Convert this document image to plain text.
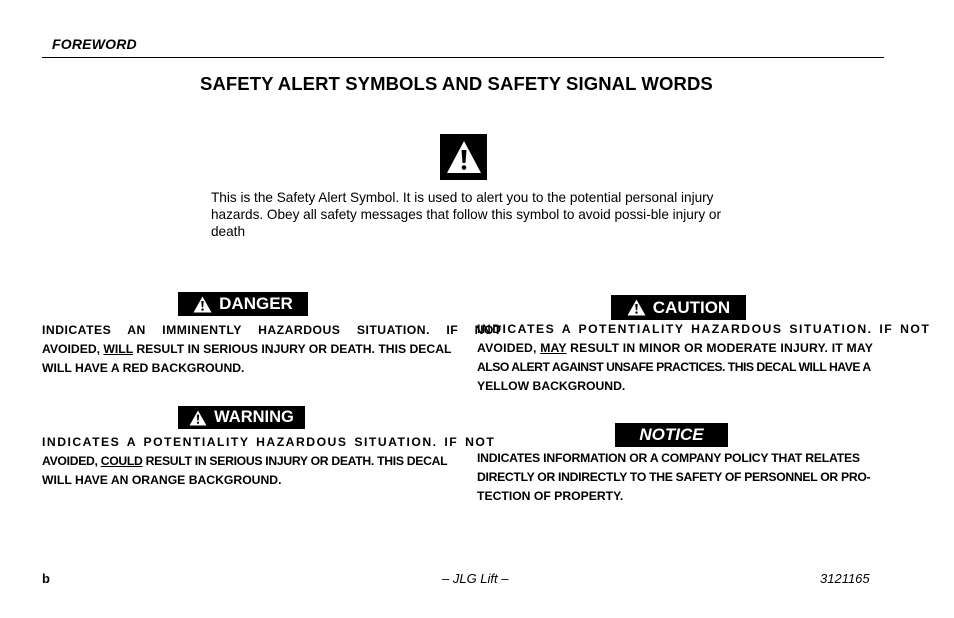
FOREWORD
SAFETY ALERT SYMBOLS AND SAFETY SIGNAL WORDS
This is the Safety Alert Symbol. It is used to alert you to the potential personal injury hazards. Obey all safety messages that follow this symbol to avoid possi-ble injury or death
DANGER
INDICATES AN IMMINENTLY HAZARDOUS SITUATION. IF NOT
AVOIDED, WILL RESULT IN SERIOUS INJURY OR DEATH. THIS DECAL
WILL HAVE A RED BACKGROUND.
WARNING
INDICATES A POTENTIALITY HAZARDOUS SITUATION. IF NOT
AVOIDED, COULD RESULT IN SERIOUS INJURY OR DEATH. THIS DECAL
WILL HAVE AN ORANGE BACKGROUND.
CAUTION
INDICATES A POTENTIALITY HAZARDOUS SITUATION. IF NOT
AVOIDED, MAY RESULT IN MINOR OR MODERATE INJURY. IT MAY
ALSO ALERT AGAINST UNSAFE PRACTICES. THIS DECAL WILL HAVE A
YELLOW BACKGROUND.
NOTICE
INDICATES INFORMATION OR A COMPANY POLICY THAT RELATES
DIRECTLY OR INDIRECTLY TO THE SAFETY OF PERSONNEL OR PRO-
TECTION OF PROPERTY.
b	– JLG Lift –	3121165
